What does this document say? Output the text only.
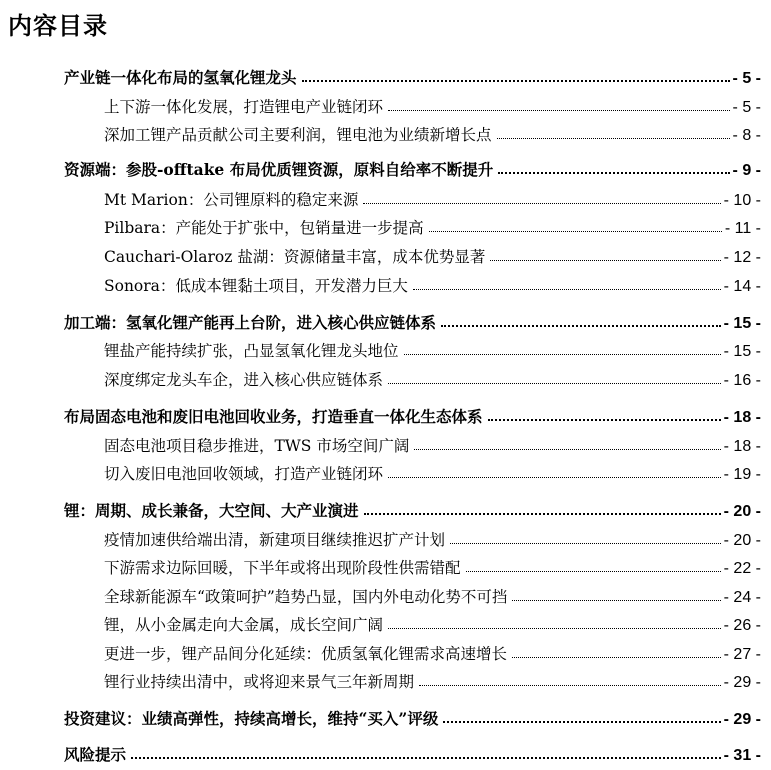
内容目录
产业链一体化布局的氢氧化锂龙头	- 5 -
上下游一体化发展，打造锂电产业链闭环	- 5 -
深加工锂产品贡献公司主要利润，锂电池为业绩新增长点	- 8 -
资源端：参股-offtake 布局优质锂资源，原料自给率不断提升	- 9 -
Mt Marion：公司锂原料的稳定来源	- 10 -
Pilbara：产能处于扩张中，包销量进一步提高	- 11 -
Cauchari-Olaroz 盐湖：资源储量丰富，成本优势显著	- 12 -
Sonora：低成本锂黏土项目，开发潜力巨大	- 14 -
加工端：氢氧化锂产能再上台阶，进入核心供应链体系	- 15 -
锂盐产能持续扩张，凸显氢氧化锂龙头地位	- 15 -
深度绑定龙头车企，进入核心供应链体系	- 16 -
布局固态电池和废旧电池回收业务，打造垂直一体化生态体系	- 18 -
固态电池项目稳步推进，TWS 市场空间广阔	- 18 -
切入废旧电池回收领域，打造产业链闭环	- 19 -
锂：周期、成长兼备，大空间、大产业演进	- 20 -
疫情加速供给端出清，新建项目继续推迟扩产计划	- 20 -
下游需求边际回暖，下半年或将出现阶段性供需错配	- 22 -
全球新能源车“政策呵护”趋势凸显，国内外电动化势不可挡	- 24 -
锂，从小金属走向大金属，成长空间广阔	- 26 -
更进一步，锂产品间分化延续：优质氢氧化锂需求高速增长	- 27 -
锂行业持续出清中，或将迎来景气三年新周期	- 29 -
投资建议：业绩高弹性，持续高增长，维持“买入”评级	- 29 -
风险提示	- 31 -
